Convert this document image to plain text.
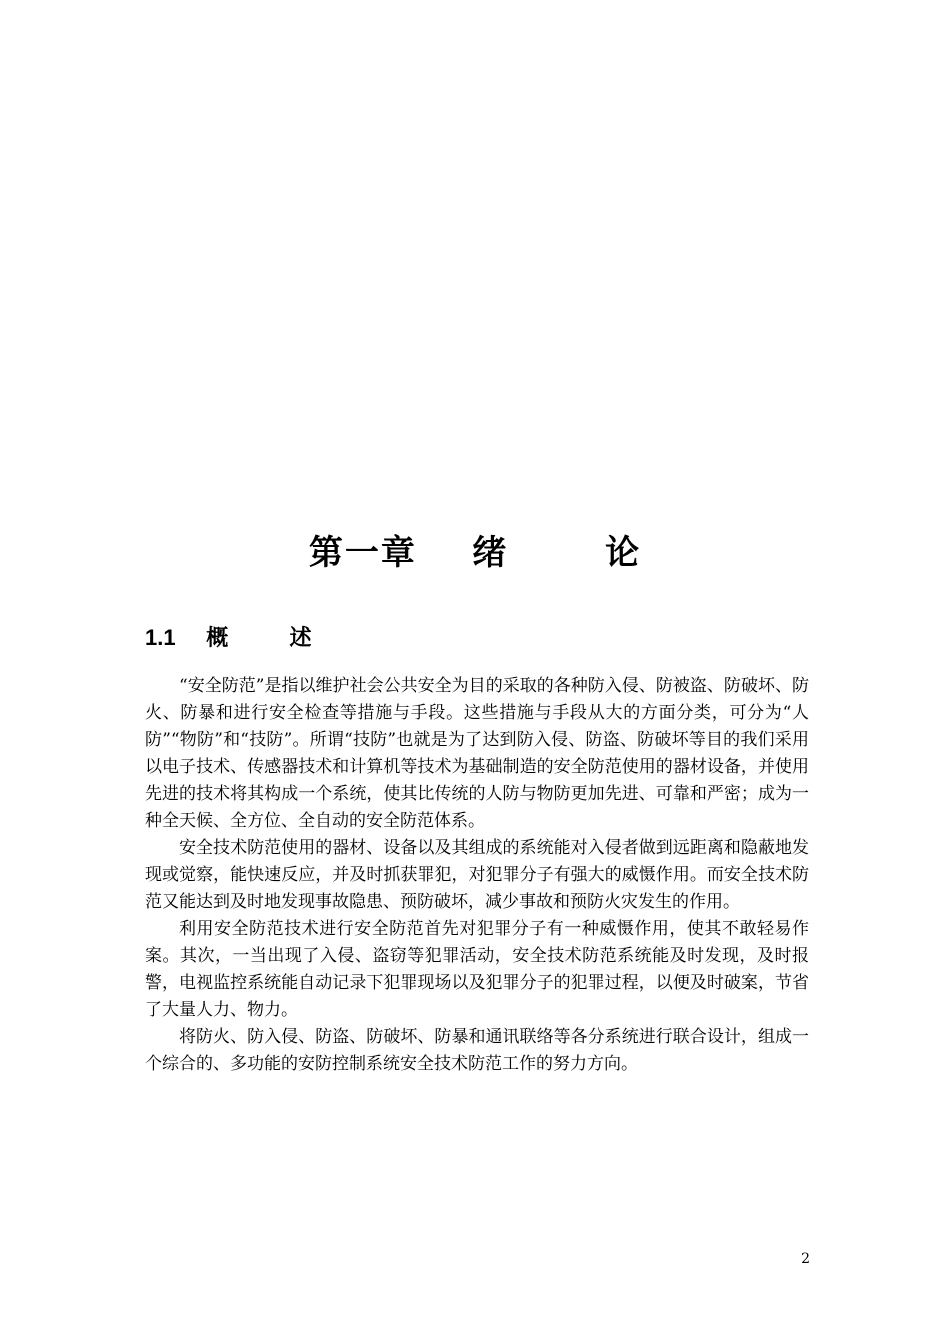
第一章    绪       论
1.1 概        述

“安全防范”是指以维护社会公共安全为目的采取的各种防入侵、防被盗、防破坏、防火、防暴和进行安全检查等措施与手段。这些措施与手段从大的方面分类，可分为“人防”“物防”和“技防”。所谓“技防”也就是为了达到防入侵、防盗、防破坏等目的我们采用以电子技术、传感器技术和计算机等技术为基础制造的安全防范使用的器材设备，并使用先进的技术将其构成一个系统，使其比传统的人防与物防更加先进、可靠和严密；成为一种全天候、全方位、全自动的安全防范体系。

安全技术防范使用的器材、设备以及其组成的系统能对入侵者做到远距离和隐蔽地发现或觉察，能快速反应，并及时抓获罪犯，对犯罪分子有强大的威慑作用。而安全技术防范又能达到及时地发现事故隐患、预防破坏，减少事故和预防火灾发生的作用。

利用安全防范技术进行安全防范首先对犯罪分子有一种威慑作用，使其不敢轻易作案。其次，一当出现了入侵、盗窃等犯罪活动，安全技术防范系统能及时发现，及时报警，电视监控系统能自动记录下犯罪现场以及犯罪分子的犯罪过程，以便及时破案，节省了大量人力、物力。

将防火、防入侵、防盗、防破坏、防暴和通讯联络等各分系统进行联合设计，组成一个综合的、多功能的安防控制系统安全技术防范工作的努力方向。

2
